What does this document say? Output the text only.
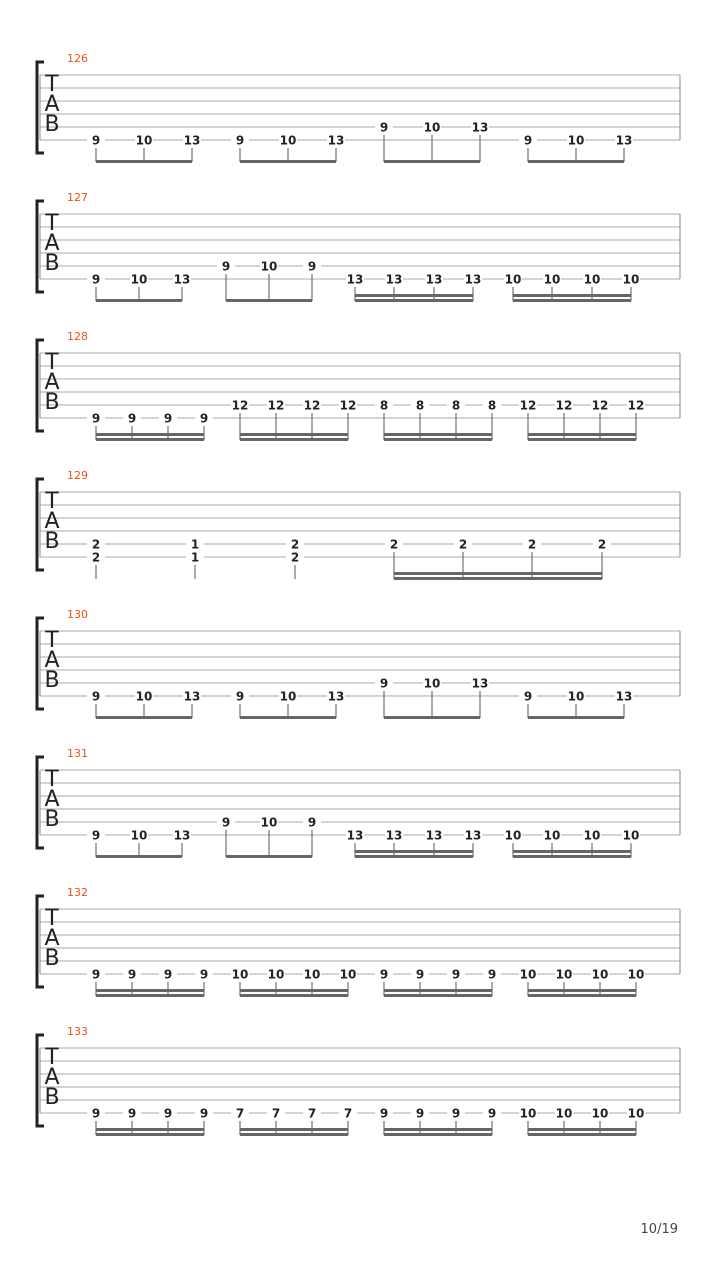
126
T
A
B
9	10	13	9	10	13
9	10	13
9	10	13
127
T
A
B
9	10 13
9	10	9
13 13 13 13 10 10 10 10
128
T
A
B
9 9 9 9
12 12 12 12 8 8 8 8 12 12 12 12
129
T
A
B	2
2
1
1
2
2
2	2	2	2
130
T
A
B
9	10	13	9	10	13
9	10	13
9	10	13
131
T
A
B
9	10 13
9	10	9
13 13 13 13 10 10 10 10
132
T
A
B
9 9 9 9 10 10 10 10 9 9 9 9 10 10 10 10
133
T
A
B
9 9 9 9 7 7 7 7 9 9 9 9 10 10 10 10
10/19
